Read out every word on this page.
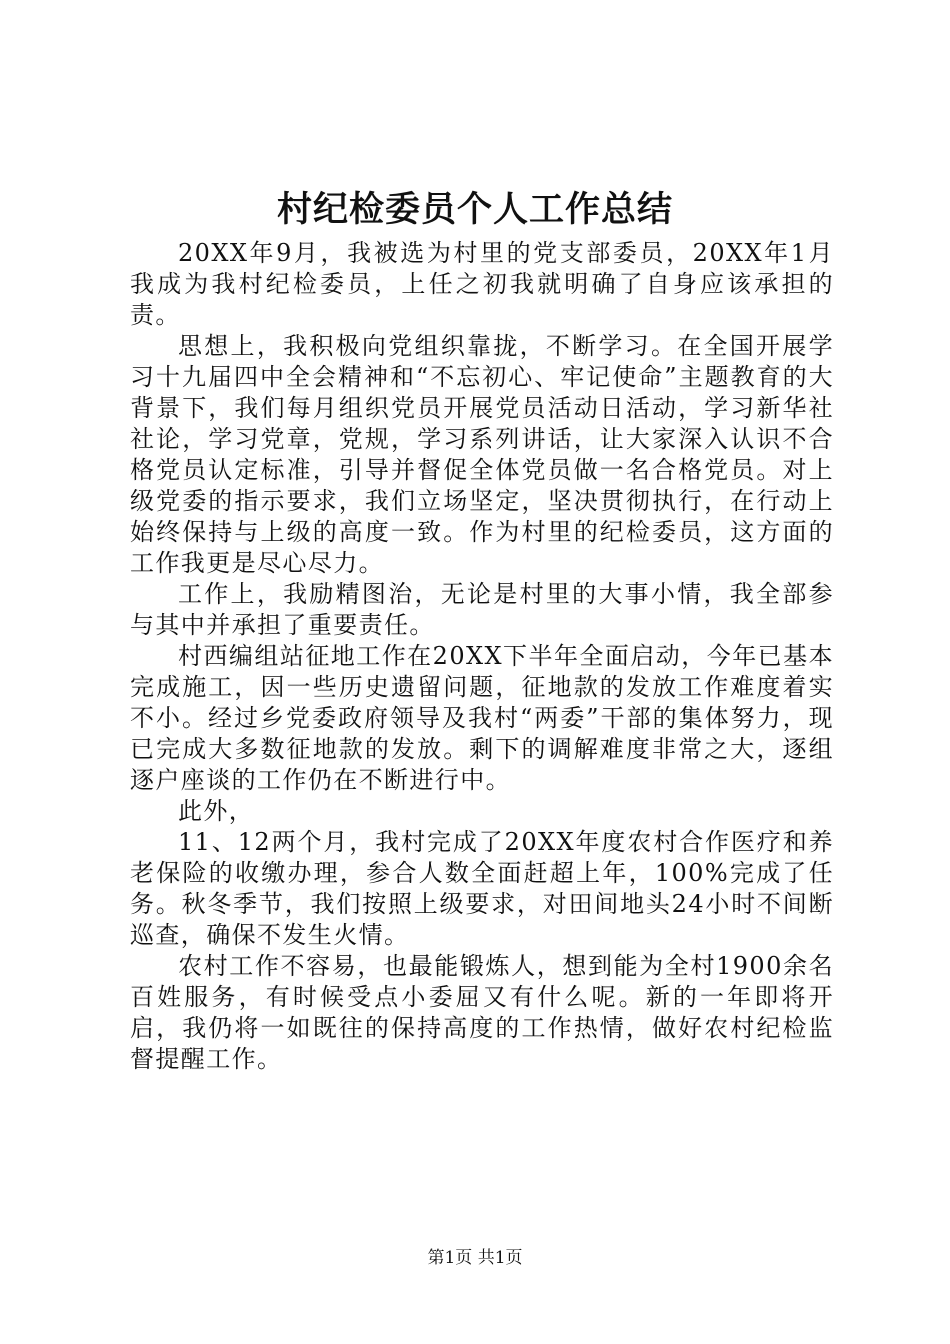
村纪检委员个人工作总结

20XX年9月，我被选为村里的党支部委员，20XX年1月我成为我村纪检委员，上任之初我就明确了自身应该承担的责。

思想上，我积极向党组织靠拢，不断学习。在全国开展学习十九届四中全会精神和“不忘初心、牢记使命”主题教育的大背景下，我们每月组织党员开展党员活动日活动，学习新华社社论，学习党章，党规，学习系列讲话，让大家深入认识不合格党员认定标准，引导并督促全体党员做一名合格党员。对上级党委的指示要求，我们立场坚定，坚决贯彻执行，在行动上始终保持与上级的高度一致。作为村里的纪检委员，这方面的工作我更是尽心尽力。

工作上，我励精图治，无论是村里的大事小情，我全部参与其中并承担了重要责任。

村西编组站征地工作在20XX下半年全面启动，今年已基本完成施工，因一些历史遗留问题，征地款的发放工作难度着实不小。经过乡党委政府领导及我村“两委”干部的集体努力，现已完成大多数征地款的发放。剩下的调解难度非常之大，逐组逐户座谈的工作仍在不断进行中。

此外，

11、12两个月，我村完成了20XX年度农村合作医疗和养老保险的收缴办理，参合人数全面赶超上年，100%完成了任务。秋冬季节，我们按照上级要求，对田间地头24小时不间断巡查，确保不发生火情。

农村工作不容易，也最能锻炼人，想到能为全村1900余名百姓服务，有时候受点小委屈又有什么呢。新的一年即将开启，我仍将一如既往的保持高度的工作热情，做好农村纪检监督提醒工作。

第1页 共1页
